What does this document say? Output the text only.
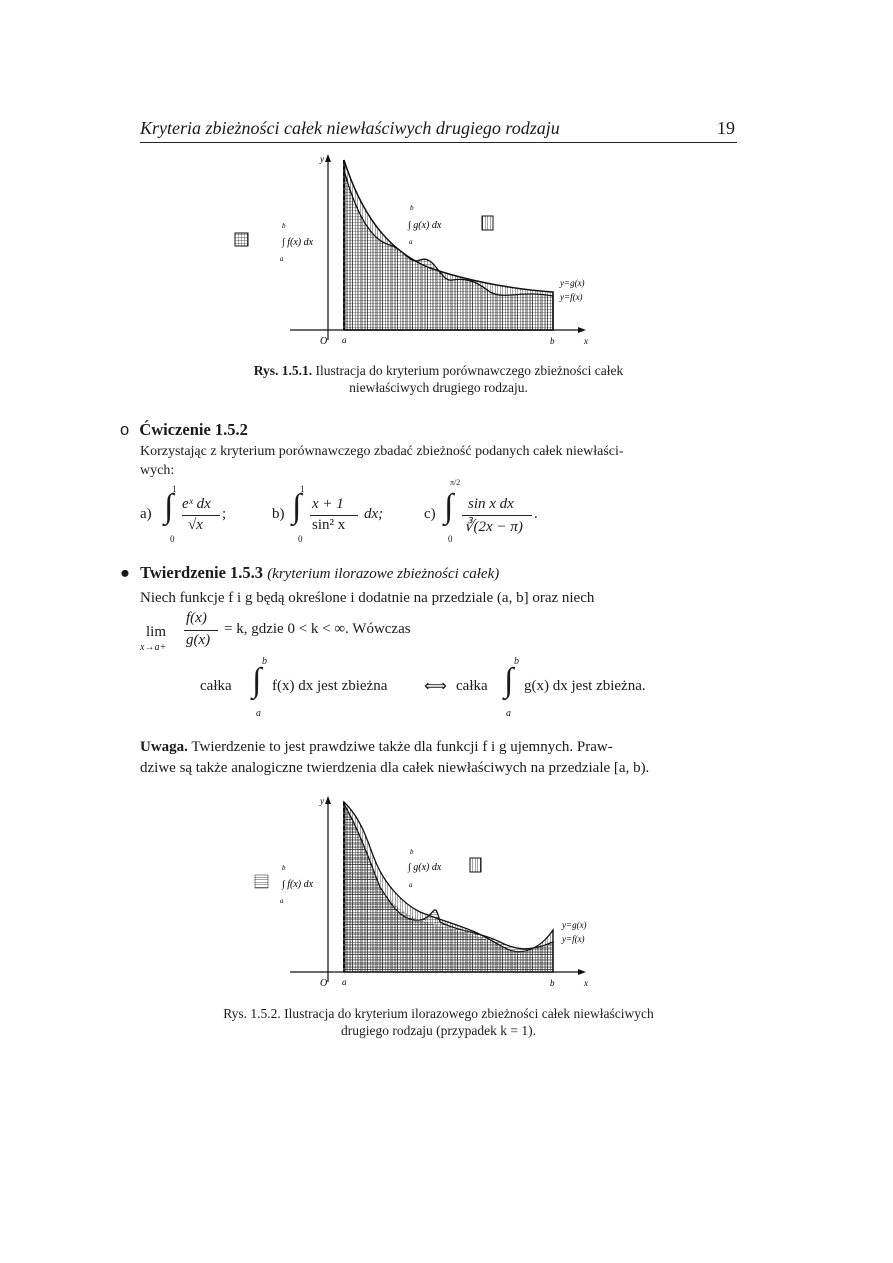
Kryteria zbieżności całek niewłaściwych drugiego rodzaju	19
y
O a	b	x
b
∫ f(x) dx
a
b
∫ g(x) dx
a
y=g(x)
y=f(x)
Rys. 1.5.1. Ilustracja do kryterium porównawczego zbieżności całek
niewłaściwych drugiego rodzaju.
o Ćwiczenie 1.5.2
Korzystając z kryterium porównawczego zbadać zbieżność podanych całek niewłaści-
wych:
a)
1
∫
0
eˣ dx
√x
;	b)
1
∫
0
x + 1
sin² x
dx;	c)
π/2
∫
0
sin x dx
∛(2x − π)
.
● Twierdzenie 1.5.3 (kryterium ilorazowe zbieżności całek)
Niech funkcje f i g będą określone i dodatnie na przedziale (a, b] oraz niech
lim
x→a+
f(x)
g(x)
= k, gdzie 0 < k < ∞. Wówczas
całka
b
∫
a
f(x) dx jest zbieżna ⟺ całka
b
∫
a
g(x) dx jest zbieżna.
Uwaga. Twierdzenie to jest prawdziwe także dla funkcji f i g ujemnych. Praw-
dziwe są także analogiczne twierdzenia dla całek niewłaściwych na przedziale [a, b).
y
O a	b	x
b
∫ f(x) dx
a
b
∫ g(x) dx
a
y=g(x)
y=f(x)
Rys. 1.5.2. Ilustracja do kryterium ilorazowego zbieżności całek niewłaściwych
drugiego rodzaju (przypadek k = 1).
